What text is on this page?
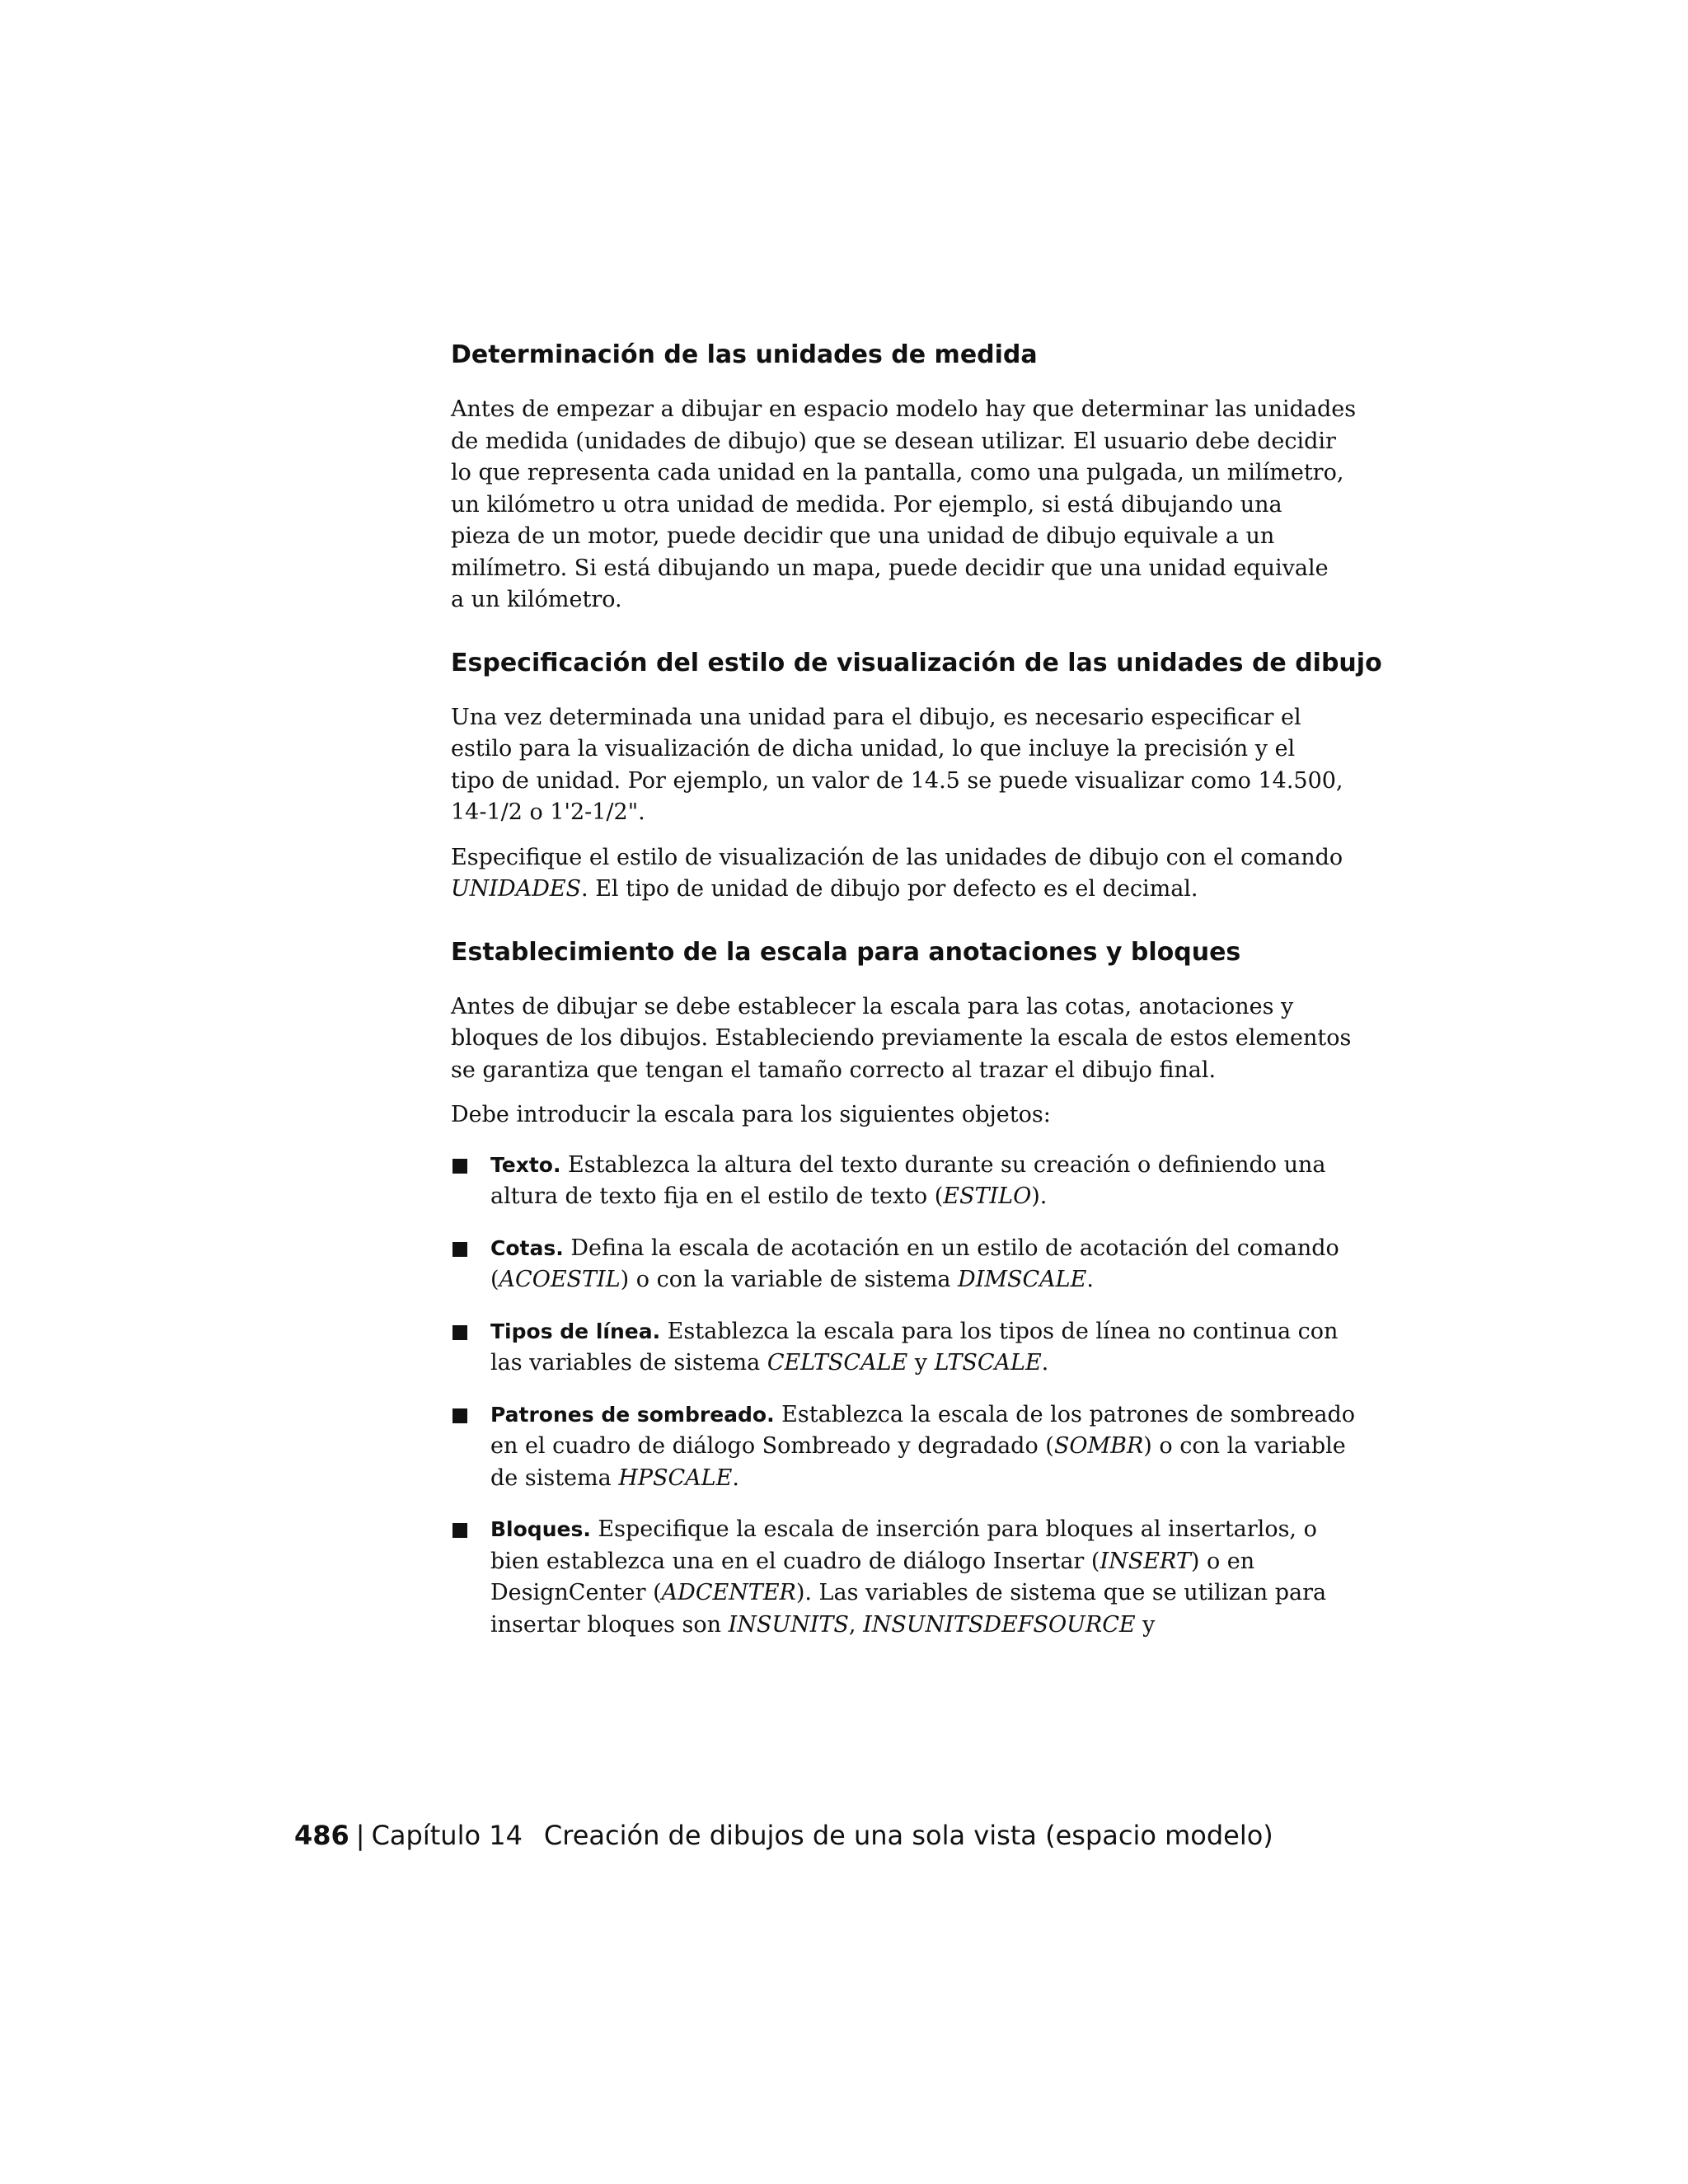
Determinación de las unidades de medida

Antes de empezar a dibujar en espacio modelo hay que determinar las unidades
de medida (unidades de dibujo) que se desean utilizar. El usuario debe decidir
lo que representa cada unidad en la pantalla, como una pulgada, un milímetro,
un kilómetro u otra unidad de medida. Por ejemplo, si está dibujando una
pieza de un motor, puede decidir que una unidad de dibujo equivale a un
milímetro. Si está dibujando un mapa, puede decidir que una unidad equivale
a un kilómetro.

Especificación del estilo de visualización de las unidades de dibujo

Una vez determinada una unidad para el dibujo, es necesario especificar el
estilo para la visualización de dicha unidad, lo que incluye la precisión y el
tipo de unidad. Por ejemplo, un valor de 14.5 se puede visualizar como 14.500,
14-1/2 o 1'2-1/2".

Especifique el estilo de visualización de las unidades de dibujo con el comando
UNIDADES. El tipo de unidad de dibujo por defecto es el decimal.

Establecimiento de la escala para anotaciones y bloques

Antes de dibujar se debe establecer la escala para las cotas, anotaciones y
bloques de los dibujos. Estableciendo previamente la escala de estos elementos
se garantiza que tengan el tamaño correcto al trazar el dibujo final.

Debe introducir la escala para los siguientes objetos:

Texto. Establezca la altura del texto durante su creación o definiendo una
altura de texto fija en el estilo de texto (ESTILO).
Cotas. Defina la escala de acotación en un estilo de acotación del comando
(ACOESTIL) o con la variable de sistema DIMSCALE.
Tipos de línea. Establezca la escala para los tipos de línea no continua con
las variables de sistema CELTSCALE y LTSCALE.
Patrones de sombreado. Establezca la escala de los patrones de sombreado
en el cuadro de diálogo Sombreado y degradado (SOMBR) o con la variable
de sistema HPSCALE.
Bloques. Especifique la escala de inserción para bloques al insertarlos, o
bien establezca una en el cuadro de diálogo Insertar (INSERT) o en
DesignCenter (ADCENTER). Las variables de sistema que se utilizan para
insertar bloques son INSUNITS, INSUNITSDEFSOURCE y
486 | Capítulo 14 Creación de dibujos de una sola vista (espacio modelo)
